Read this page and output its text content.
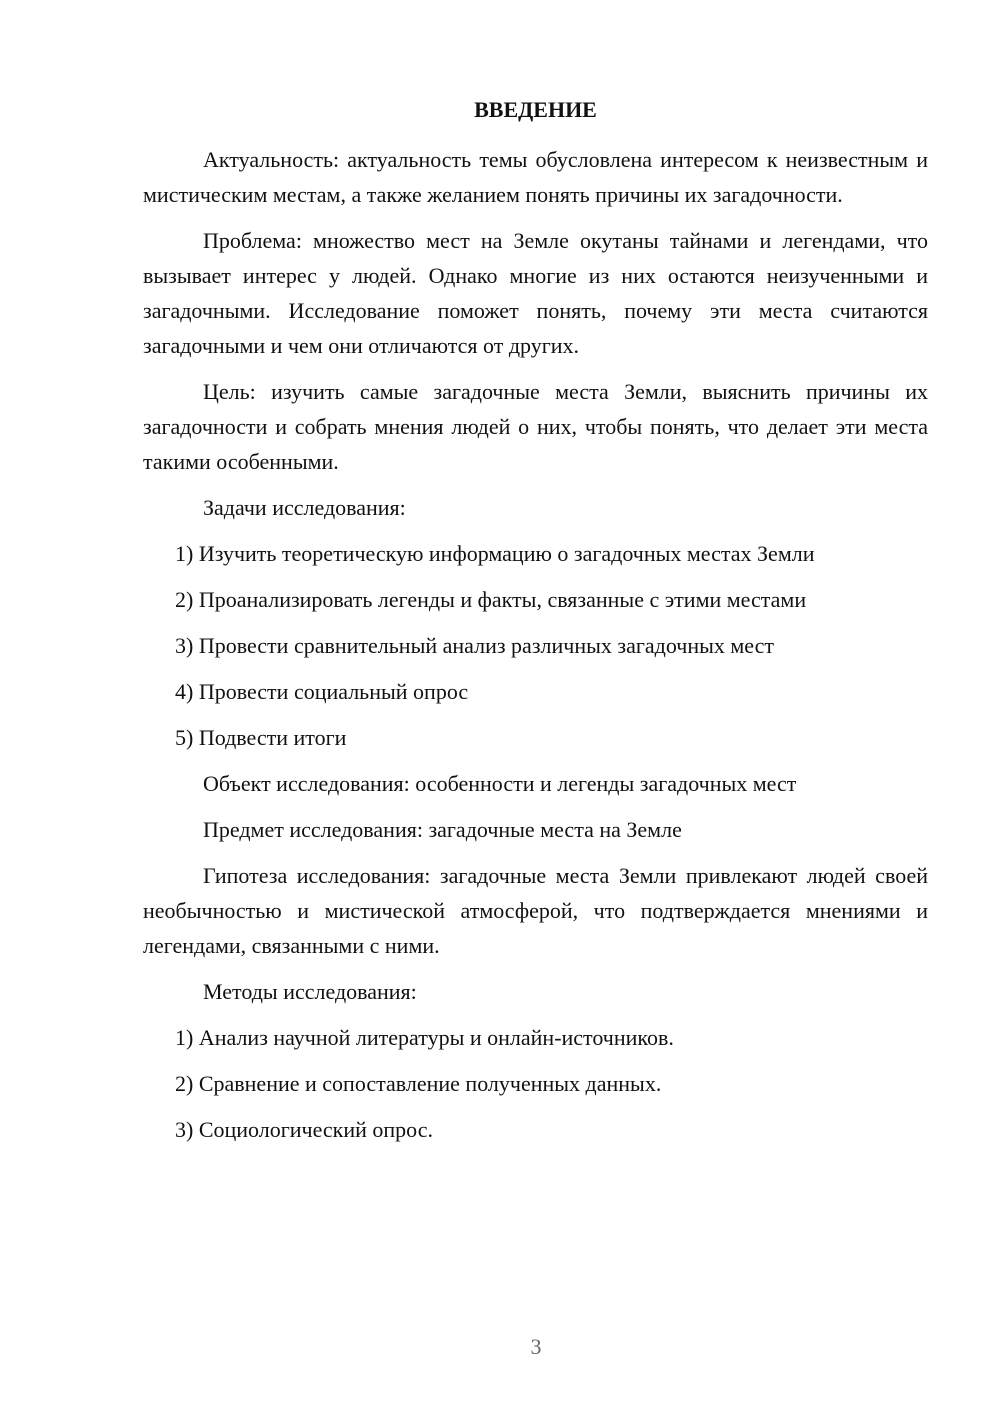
ВВЕДЕНИЕ

Актуальность: актуальность темы обусловлена интересом к неизвестным и мистическим местам, а также желанием понять причины их загадочности.

Проблема: множество мест на Земле окутаны тайнами и легендами, что вызывает интерес у людей. Однако многие из них остаются неизученными и загадочными. Исследование поможет понять, почему эти места считаются загадочными и чем они отличаются от других.

Цель: изучить самые загадочные места Земли, выяснить причины их загадочности и собрать мнения людей о них, чтобы понять, что делает эти места такими особенными.

Задачи исследования:

1) Изучить теоретическую информацию о загадочных местах Земли
2) Проанализировать легенды и факты, связанные с этими местами
3) Провести сравнительный анализ различных загадочных мест
4) Провести социальный опрос
5) Подвести итоги

Объект исследования: особенности и легенды загадочных мест

Предмет исследования: загадочные места на Земле

Гипотеза исследования: загадочные места Земли привлекают людей своей необычностью и мистической атмосферой, что подтверждается мнениями и легендами, связанными с ними.

Методы исследования:

1) Анализ научной литературы и онлайн-источников.
2) Сравнение и сопоставление полученных данных.
3) Социологический опрос.
3
